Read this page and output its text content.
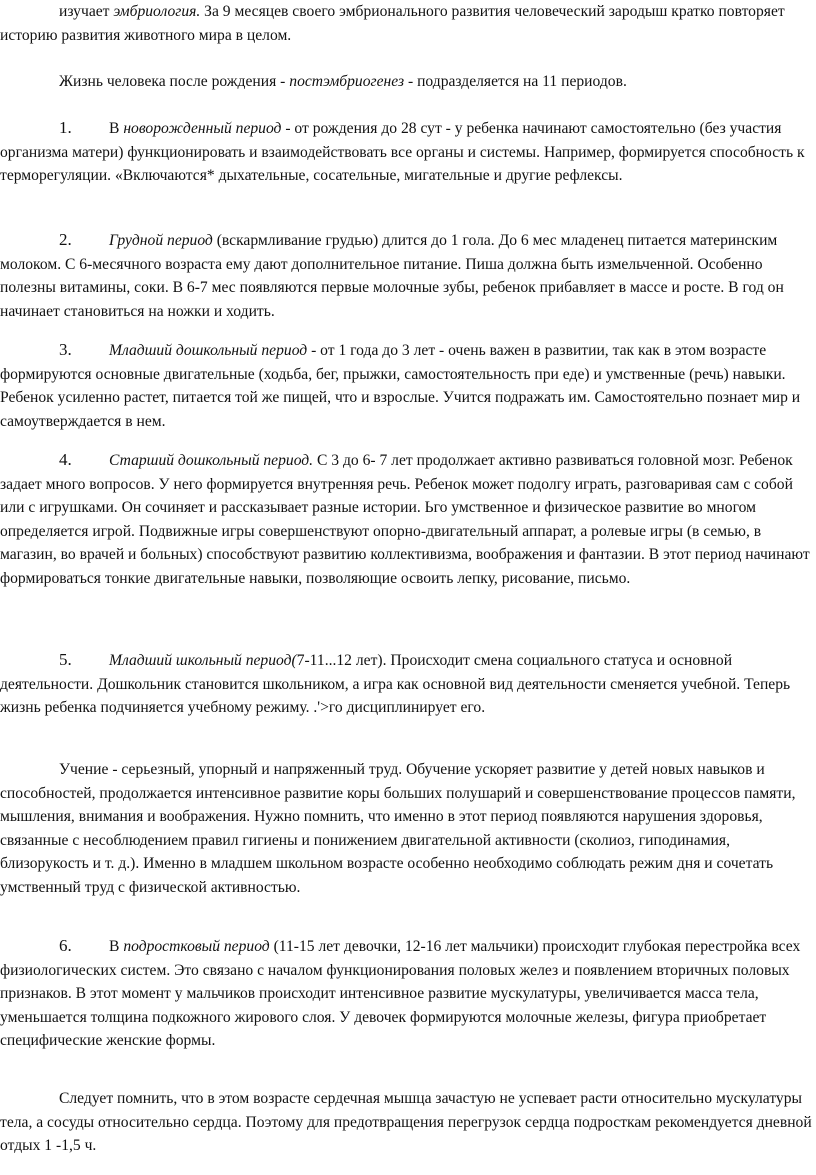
изучает эмбриология. За 9 месяцев своего эмбрионального развития человеческий зародыш кратко повторяет историю развития животного мира в целом.

Жизнь человека после рождения - постэмбриогенез - подразделяется на 11 периодов.

1. В новорожденный период - от рождения до 28 сут - у ребенка начинают самостоятельно (без участия организма матери) функционировать и взаимодействовать все органы и системы. Например, формируется способность к терморегуляции. «Включаются* дыхательные, сосательные, мигательные и другие рефлексы.

2. Грудной период (вскармливание грудью) длится до 1 гола. До 6 мес младенец питается материнским молоком. С 6-месячного возраста ему дают дополнительное питание. Пиша должна быть измельченной. Особенно полезны витамины, соки. В 6-7 мес появляются первые молочные зубы, ребенок прибавляет в массе и росте. В год он начинает становиться на ножки и ходить.

3. Младший дошкольный период - от 1 года до 3 лет - очень важен в развитии, так как в этом возрасте формируются основные двигательные (ходьба, бег, прыжки, самостоятельность при еде) и умственные (речь) навыки. Ребенок усиленно растет, питается той же пищей, что и взрослые. Учится подражать им. Самостоятельно познает мир и самоутверждается в нем.

4. Старший дошкольный период. С 3 до 6- 7 лет продолжает активно развиваться головной мозг. Ребенок задает много вопросов. У него формируется внутренняя речь. Ребенок может подолгу играть, разговаривая сам с собой или с игрушками. Он сочиняет и рассказывает разные истории. Ьго умственное и физическое развитие во многом определяется игрой. Подвижные игры совершенствуют опорно-двигательный аппарат, а ролевые игры (в семью, в магазин, во врачей и больных) способствуют развитию коллективизма, воображения и фантазии. В этот период начинают формироваться тонкие двигательные навыки, позволяющие освоить лепку, рисование, письмо.

5. Младший школьный период(7-11...12 лет). Происходит смена социального статуса и основной деятельности. Дошкольник становится школьником, а игра как основной вид деятельности сменяется учебной. Теперь жизнь ребенка подчиняется учебному режиму. .'>го дисциплинирует его.

Учение - серьезный, упорный и напряженный труд. Обучение ускоряет развитие у детей новых навыков и способностей, продолжается интенсивное развитие коры больших полушарий и совершенствование процессов памяти, мышления, внимания и воображения. Нужно помнить, что именно в этот период появляются нарушения здоровья, связанные с несоблюдением правил гигиены и понижением двигательной активности (сколиоз, гиподинамия, близорукость и т. д.). Именно в младшем школьном возрасте особенно необходимо соблюдать режим дня и сочетать умственный труд с физической активностью.

6. В подростковый период (11-15 лет девочки, 12-16 лет мальчики) происходит глубокая перестройка всех физиологических систем. Это связано с началом функционирования половых желез и появлением вторичных половых признаков. В этот момент у мальчиков происходит интенсивное развитие мускулатуры, увеличивается масса тела, уменьшается толщина подкожного жирового слоя. У девочек формируются молочные железы, фигура приобретает специфические женские формы.

Следует помнить, что в этом возрасте сердечная мышца зачастую не успевает расти относительно мускулатуры тела, а сосуды относительно сердца. Поэтому для предотвращения перегрузок сердца подросткам рекомендуется дневной отдых 1 -1,5 ч.
